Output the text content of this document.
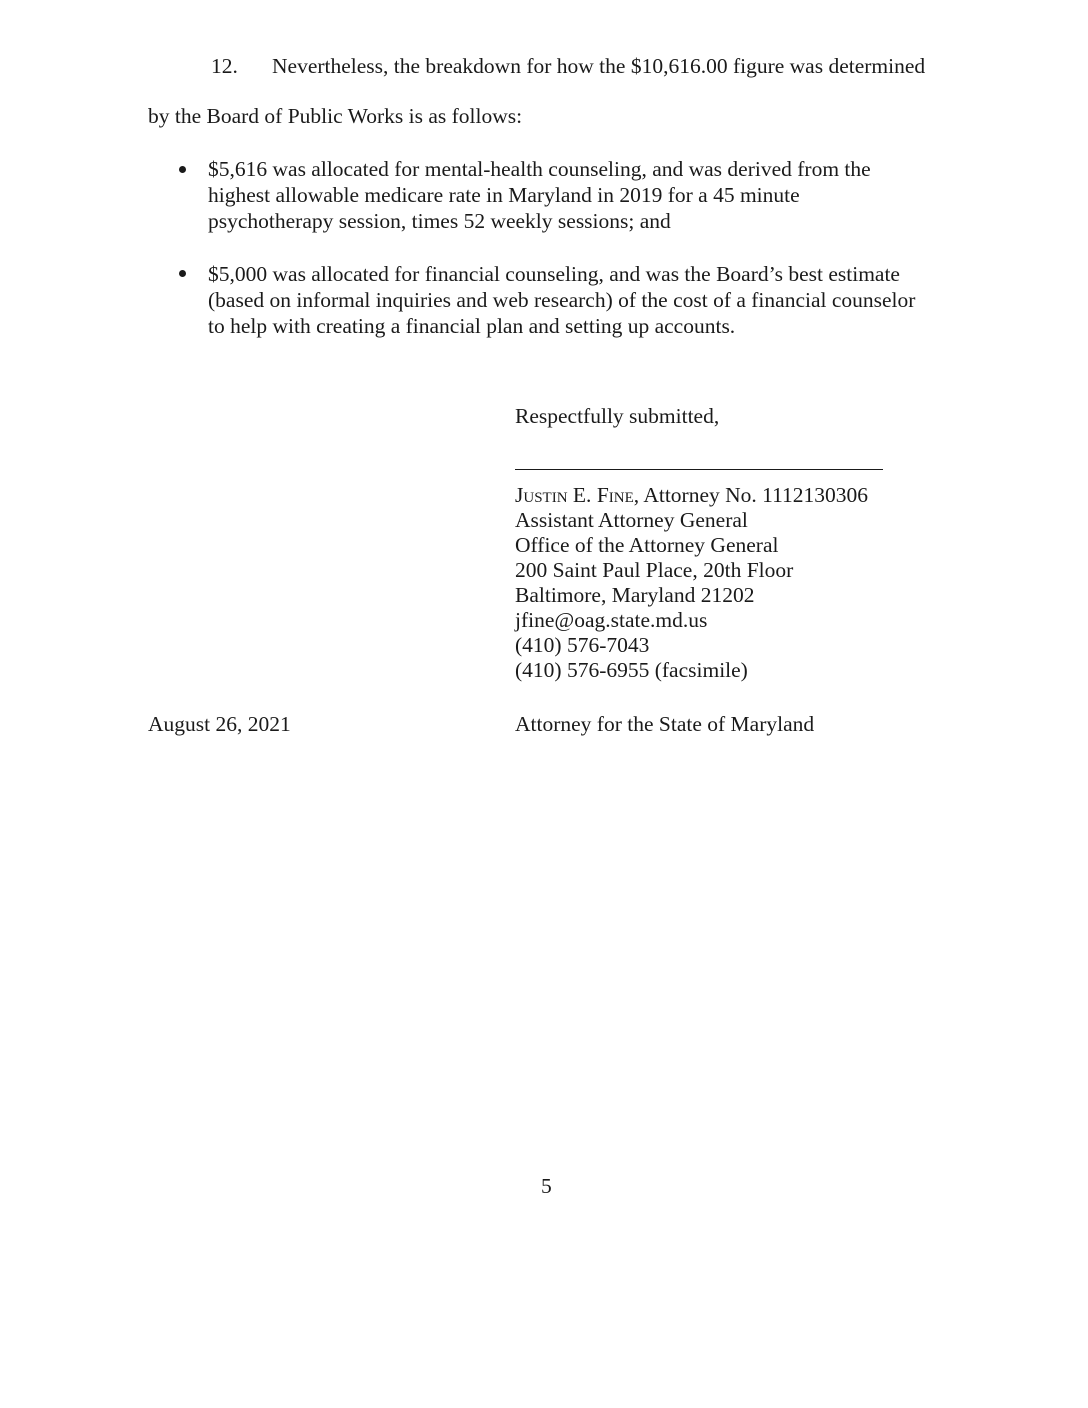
12. Nevertheless, the breakdown for how the $10,616.00 figure was determined
by the Board of Public Works is as follows:
$5,616 was allocated for mental-health counseling, and was derived from the
highest allowable medicare rate in Maryland in 2019 for a 45 minute
psychotherapy session, times 52 weekly sessions; and
$5,000 was allocated for financial counseling, and was the Board’s best estimate
(based on informal inquiries and web research) of the cost of a financial counselor
to help with creating a financial plan and setting up accounts.
Respectfully submitted,
Justin E. Fine, Attorney No. 1112130306
Assistant Attorney General
Office of the Attorney General
200 Saint Paul Place, 20th Floor
Baltimore, Maryland 21202
jfine@oag.state.md.us
(410) 576-7043
(410) 576-6955 (facsimile)
August 26, 2021	Attorney for the State of Maryland
5
